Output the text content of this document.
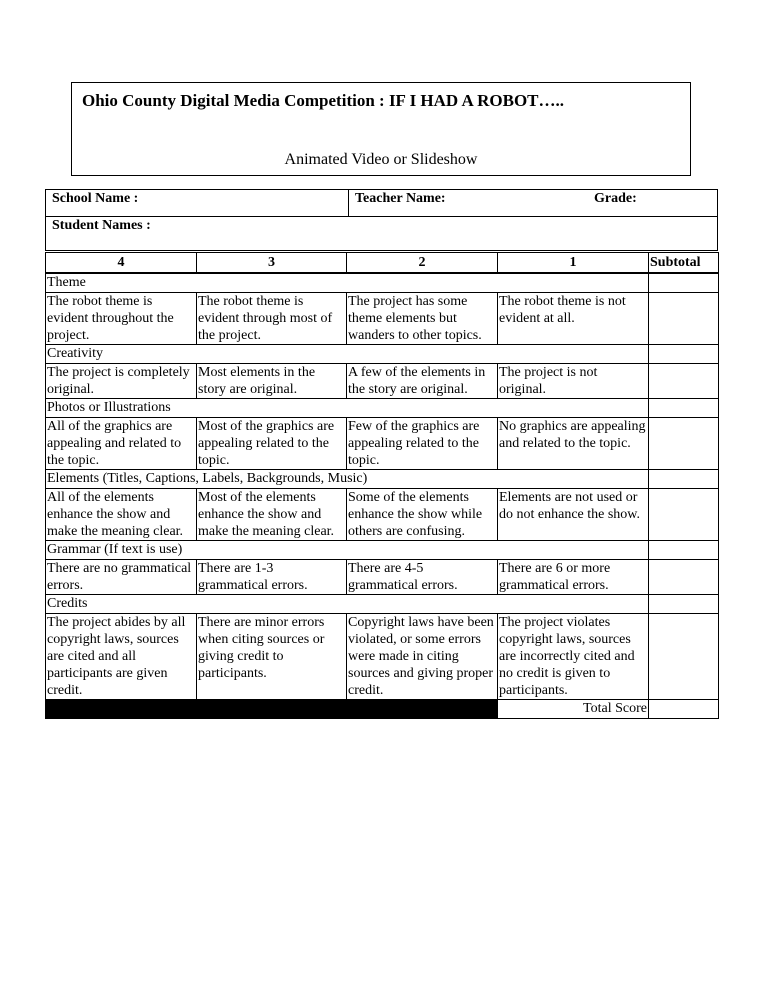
Ohio County Digital Media Competition : IF I HAD A ROBOT…..
Animated Video or Slideshow
School Name :	Teacher Name:	Grade:
Student Names :
4	3	2	1	Subtotal
Theme				
The robot theme is evident throughout the project.	The robot theme is evident through most of the project.	The project has some theme elements but wanders to other topics.	The robot theme is not evident at all.	
Creativity				
The project is completely original.	Most elements in the story are original.	A few of the elements in the story are original.	The project is not original.	
Photos or Illustrations				
All of the graphics are appealing and related to the topic.	Most of the graphics are appealing related to the topic.	Few of the graphics are appealing related to the topic.	No graphics are appealing and related to the topic.	
Elements (Titles, Captions, Labels, Backgrounds, Music)				
All of the elements enhance the show and make the meaning clear.	Most of the elements enhance the show and make the meaning clear.	Some of the elements enhance the show while others are confusing.	Elements are not used or do not enhance the show.	
Grammar (If text is use)				
There are no grammatical errors.	There are 1-3 grammatical errors.	There are 4-5 grammatical errors.	There are 6 or more grammatical errors.	
Credits				
The project abides by all copyright laws, sources are cited and all participants are given credit.	There are minor errors when citing sources or giving credit to participants.	Copyright laws have been violated, or some errors were made in citing sources and giving proper credit.	The project violates copyright laws, sources are incorrectly cited and no credit is given to participants.	
			Total Score	
